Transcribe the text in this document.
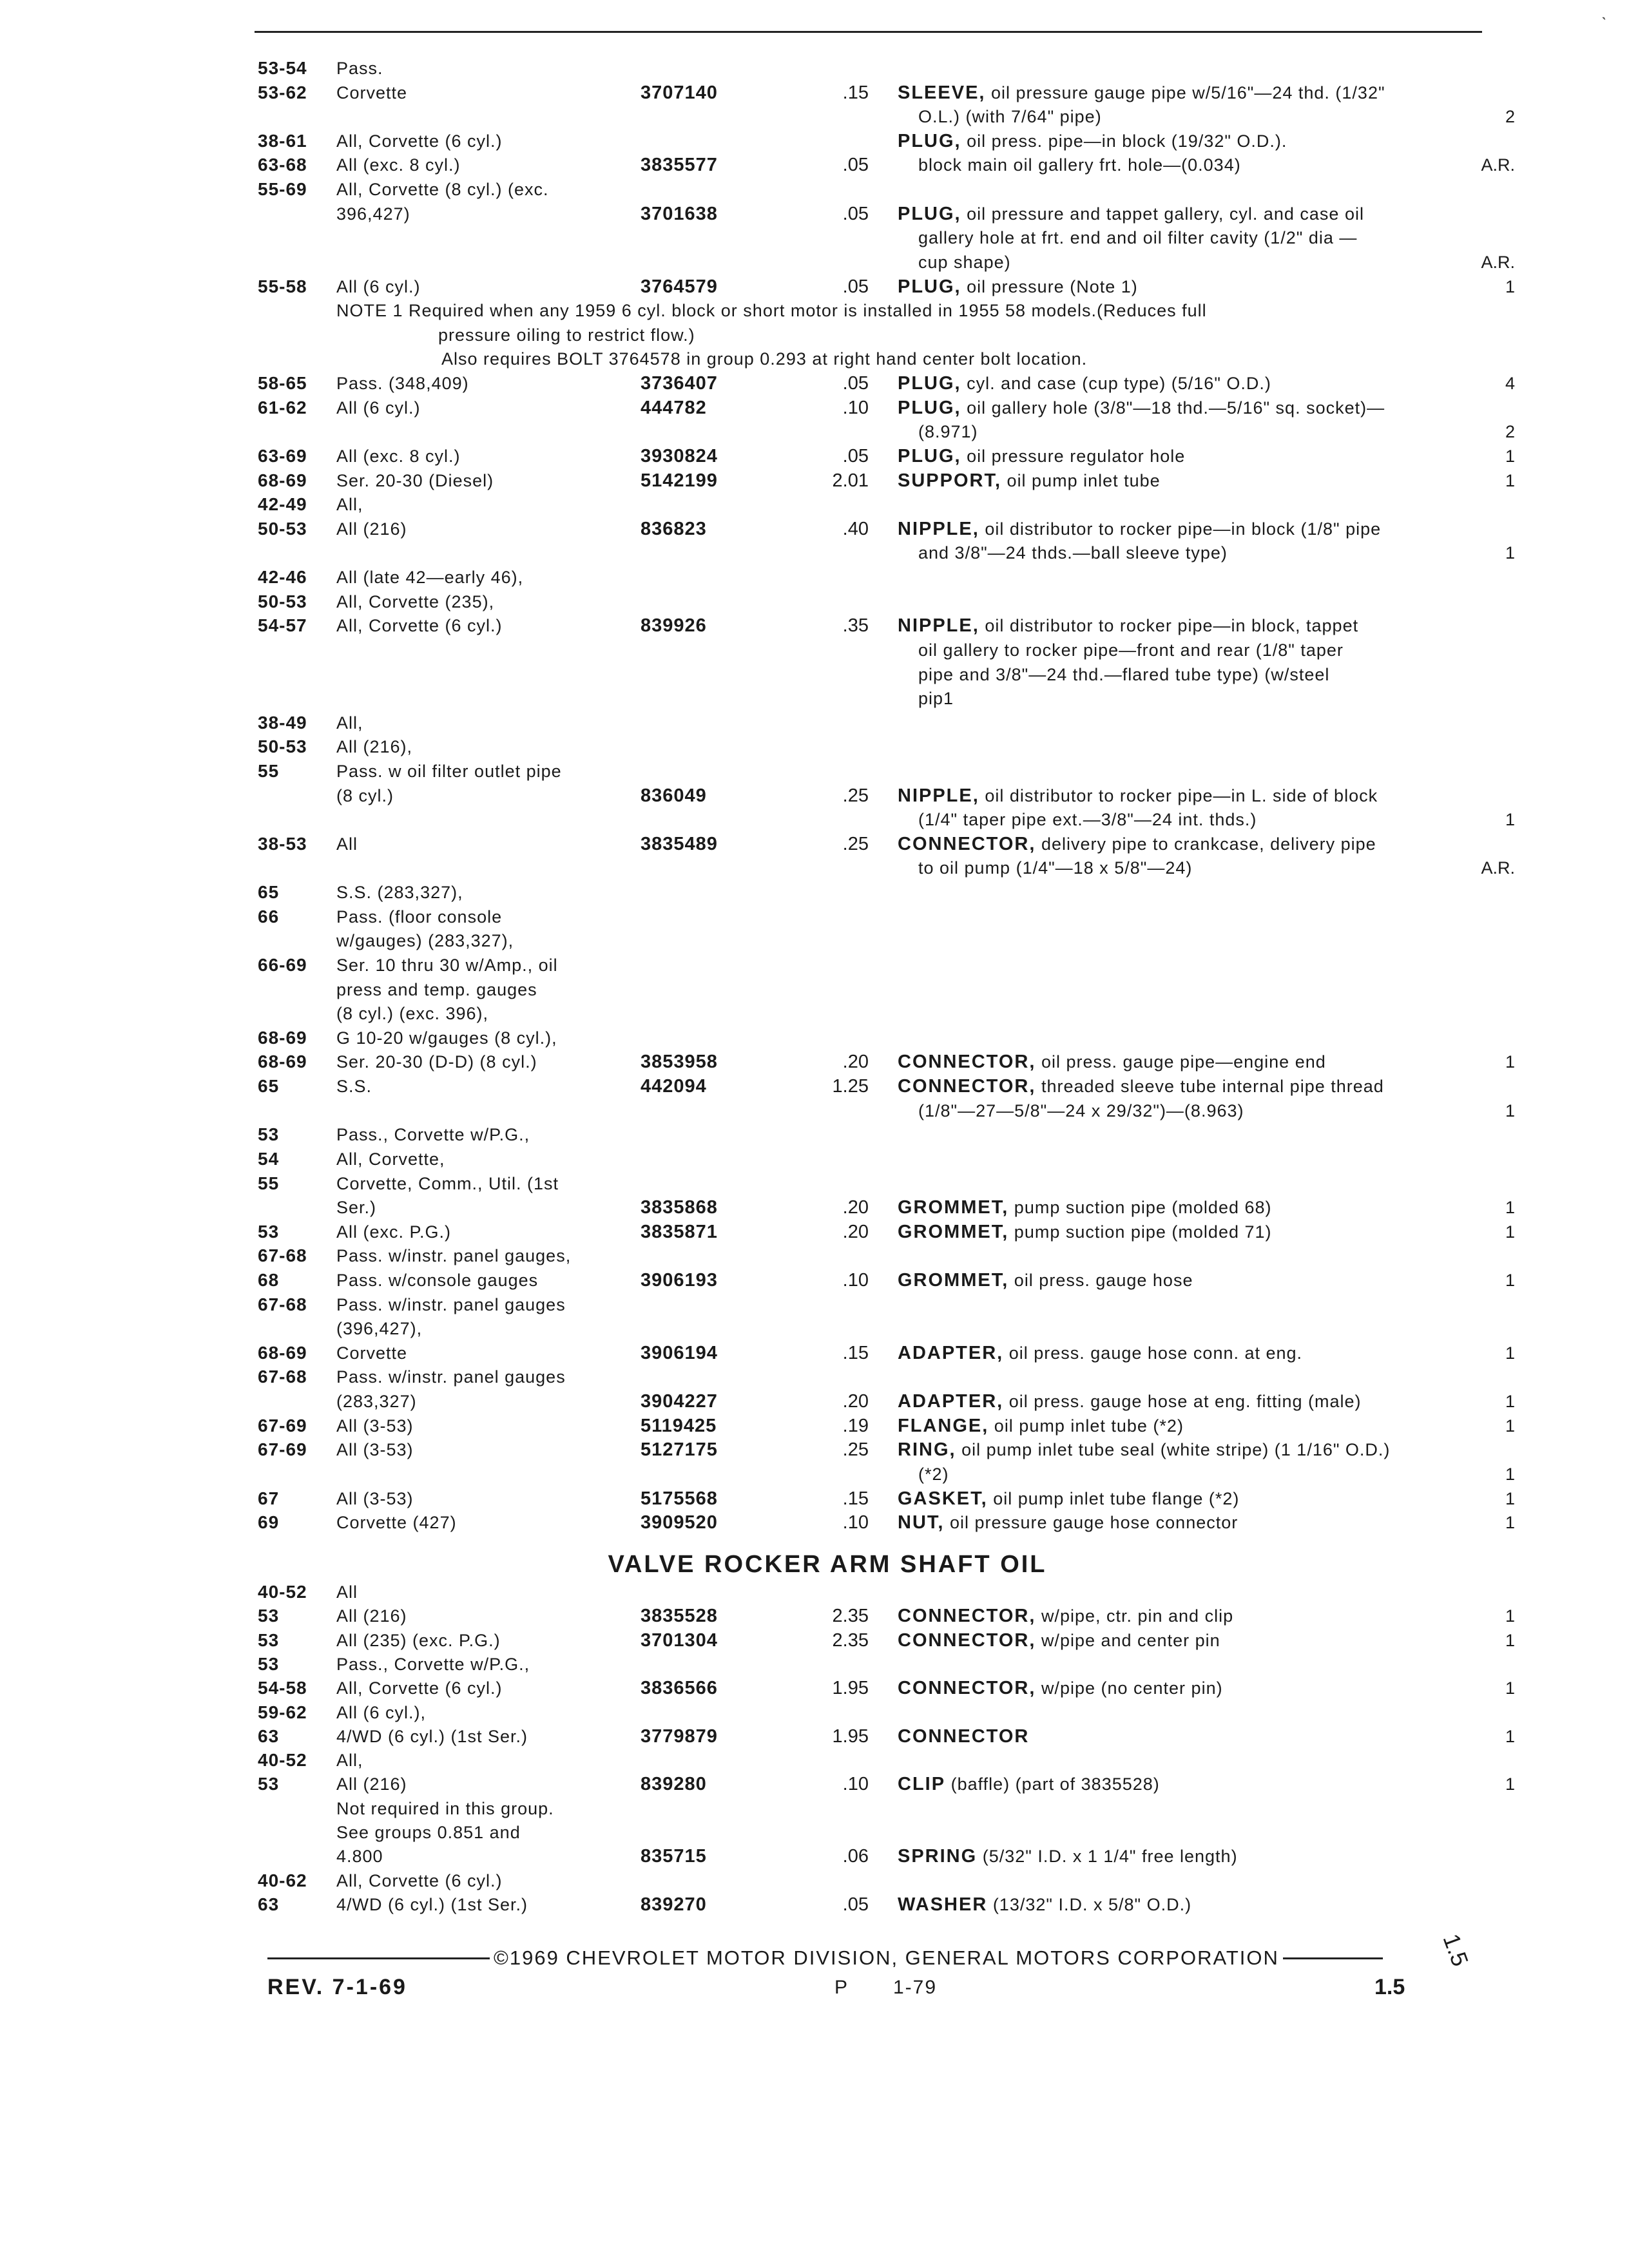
ˎ
53-54 Pass.
53-62 Corvette	3707140	.15 SLEEVE, oil pressure gauge pipe w/5/16"—24 thd. (1/32"
O.L.) (with 7/64" pipe)	2
38-61 All, Corvette (6 cyl.)	PLUG, oil press. pipe—in block (19/32" O.D.).
63-68 All (exc. 8 cyl.)	3835577	.05	block main oil gallery frt. hole—(0.034)	A.R.
55-69 All, Corvette (8 cyl.) (exc.
396,427)	3701638	.05 PLUG, oil pressure and tappet gallery, cyl. and case oil
gallery hole at frt. end and oil filter cavity (1/2" dia —
cup shape)	A.R.
55-58 All (6 cyl.)	3764579	.05 PLUG, oil pressure (Note 1)	1
NOTE 1 Required when any 1959 6 cyl. block or short motor is installed in 1955 58 models.(Reduces full
pressure oiling to restrict flow.)
Also requires BOLT 3764578 in group 0.293 at right hand center bolt location.
58-65 Pass. (348,409)	3736407	.05 PLUG, cyl. and case (cup type) (5/16" O.D.)	4
61-62 All (6 cyl.)	444782	.10 PLUG, oil gallery hole (3/8"—18 thd.—5/16" sq. socket)—
(8.971)	2
63-69 All (exc. 8 cyl.)	3930824	.05 PLUG, oil pressure regulator hole	1
68-69 Ser. 20-30 (Diesel)	5142199	2.01 SUPPORT, oil pump inlet tube	1
42-49 All,
50-53 All (216)	836823	.40 NIPPLE, oil distributor to rocker pipe—in block (1/8" pipe
and 3/8"—24 thds.—ball sleeve type)	1
42-46 All (late 42—early 46),
50-53 All, Corvette (235),
54-57 All, Corvette (6 cyl.)	839926	.35 NIPPLE, oil distributor to rocker pipe—in block, tappet
oil gallery to rocker pipe—front and rear (1/8" taper
pipe and 3/8"—24 thd.—flared tube type) (w/steel
pip1
38-49 All,
50-53 All (216),
55	Pass. w oil filter outlet pipe
(8 cyl.)	836049	.25 NIPPLE, oil distributor to rocker pipe—in L. side of block
(1/4" taper pipe ext.—3/8"—24 int. thds.)	1
38-53 All	3835489	.25 CONNECTOR, delivery pipe to crankcase, delivery pipe
to oil pump (1/4"—18 x 5/8"—24)	A.R.
65	S.S. (283,327),
66	Pass. (floor console
w/gauges) (283,327),
66-69 Ser. 10 thru 30 w/Amp., oil
press and temp. gauges
(8 cyl.) (exc. 396),
68-69 G 10-20 w/gauges (8 cyl.),
68-69 Ser. 20-30 (D-D) (8 cyl.)	3853958	.20 CONNECTOR, oil press. gauge pipe—engine end	1
65	S.S.	442094	1.25 CONNECTOR, threaded sleeve tube internal pipe thread
(1/8"—27—5/8"—24 x 29/32")—(8.963)	1
53	Pass., Corvette w/P.G.,
54	All, Corvette,
55	Corvette, Comm., Util. (1st
Ser.)	3835868	.20 GROMMET, pump suction pipe (molded 68)	1
53	All (exc. P.G.)	3835871	.20 GROMMET, pump suction pipe (molded 71)	1
67-68 Pass. w/instr. panel gauges,
68	Pass. w/console gauges	3906193	.10 GROMMET, oil press. gauge hose	1
67-68 Pass. w/instr. panel gauges
(396,427),
68-69 Corvette	3906194	.15 ADAPTER, oil press. gauge hose conn. at eng.	1
67-68 Pass. w/instr. panel gauges
(283,327)	3904227	.20 ADAPTER, oil press. gauge hose at eng. fitting (male)	1
67-69 All (3-53)	5119425	.19 FLANGE, oil pump inlet tube (*2)	1
67-69 All (3-53)	5127175	.25 RING, oil pump inlet tube seal (white stripe) (1 1/16" O.D.)
(*2)	1
67	All (3-53)	5175568	.15 GASKET, oil pump inlet tube flange (*2)	1
69	Corvette (427)	3909520	.10 NUT, oil pressure gauge hose connector	1
VALVE ROCKER ARM SHAFT OIL
40-52 All
53	All (216)	3835528	2.35 CONNECTOR, w/pipe, ctr. pin and clip	1
53	All (235) (exc. P.G.)	3701304	2.35 CONNECTOR, w/pipe and center pin	1
53	Pass., Corvette w/P.G.,
54-58 All, Corvette (6 cyl.)	3836566	1.95 CONNECTOR, w/pipe (no center pin)	1
59-62 All (6 cyl.),
63	4/WD (6 cyl.) (1st Ser.)	3779879	1.95 CONNECTOR	1
40-52 All,
53	All (216)	839280	.10 CLIP (baffle) (part of 3835528)	1
Not required in this group.
See groups 0.851 and
4.800	835715	.06 SPRING (5/32" I.D. x 1 1/4" free length)
40-62 All, Corvette (6 cyl.)
63	4/WD (6 cyl.) (1st Ser.)	839270	.05 WASHER (13/32" I.D. x 5/8" O.D.)
©1969 CHEVROLET MOTOR DIVISION, GENERAL MOTORS CORPORATION
REV. 7-1-69	P 1-79	1.5
1.5
